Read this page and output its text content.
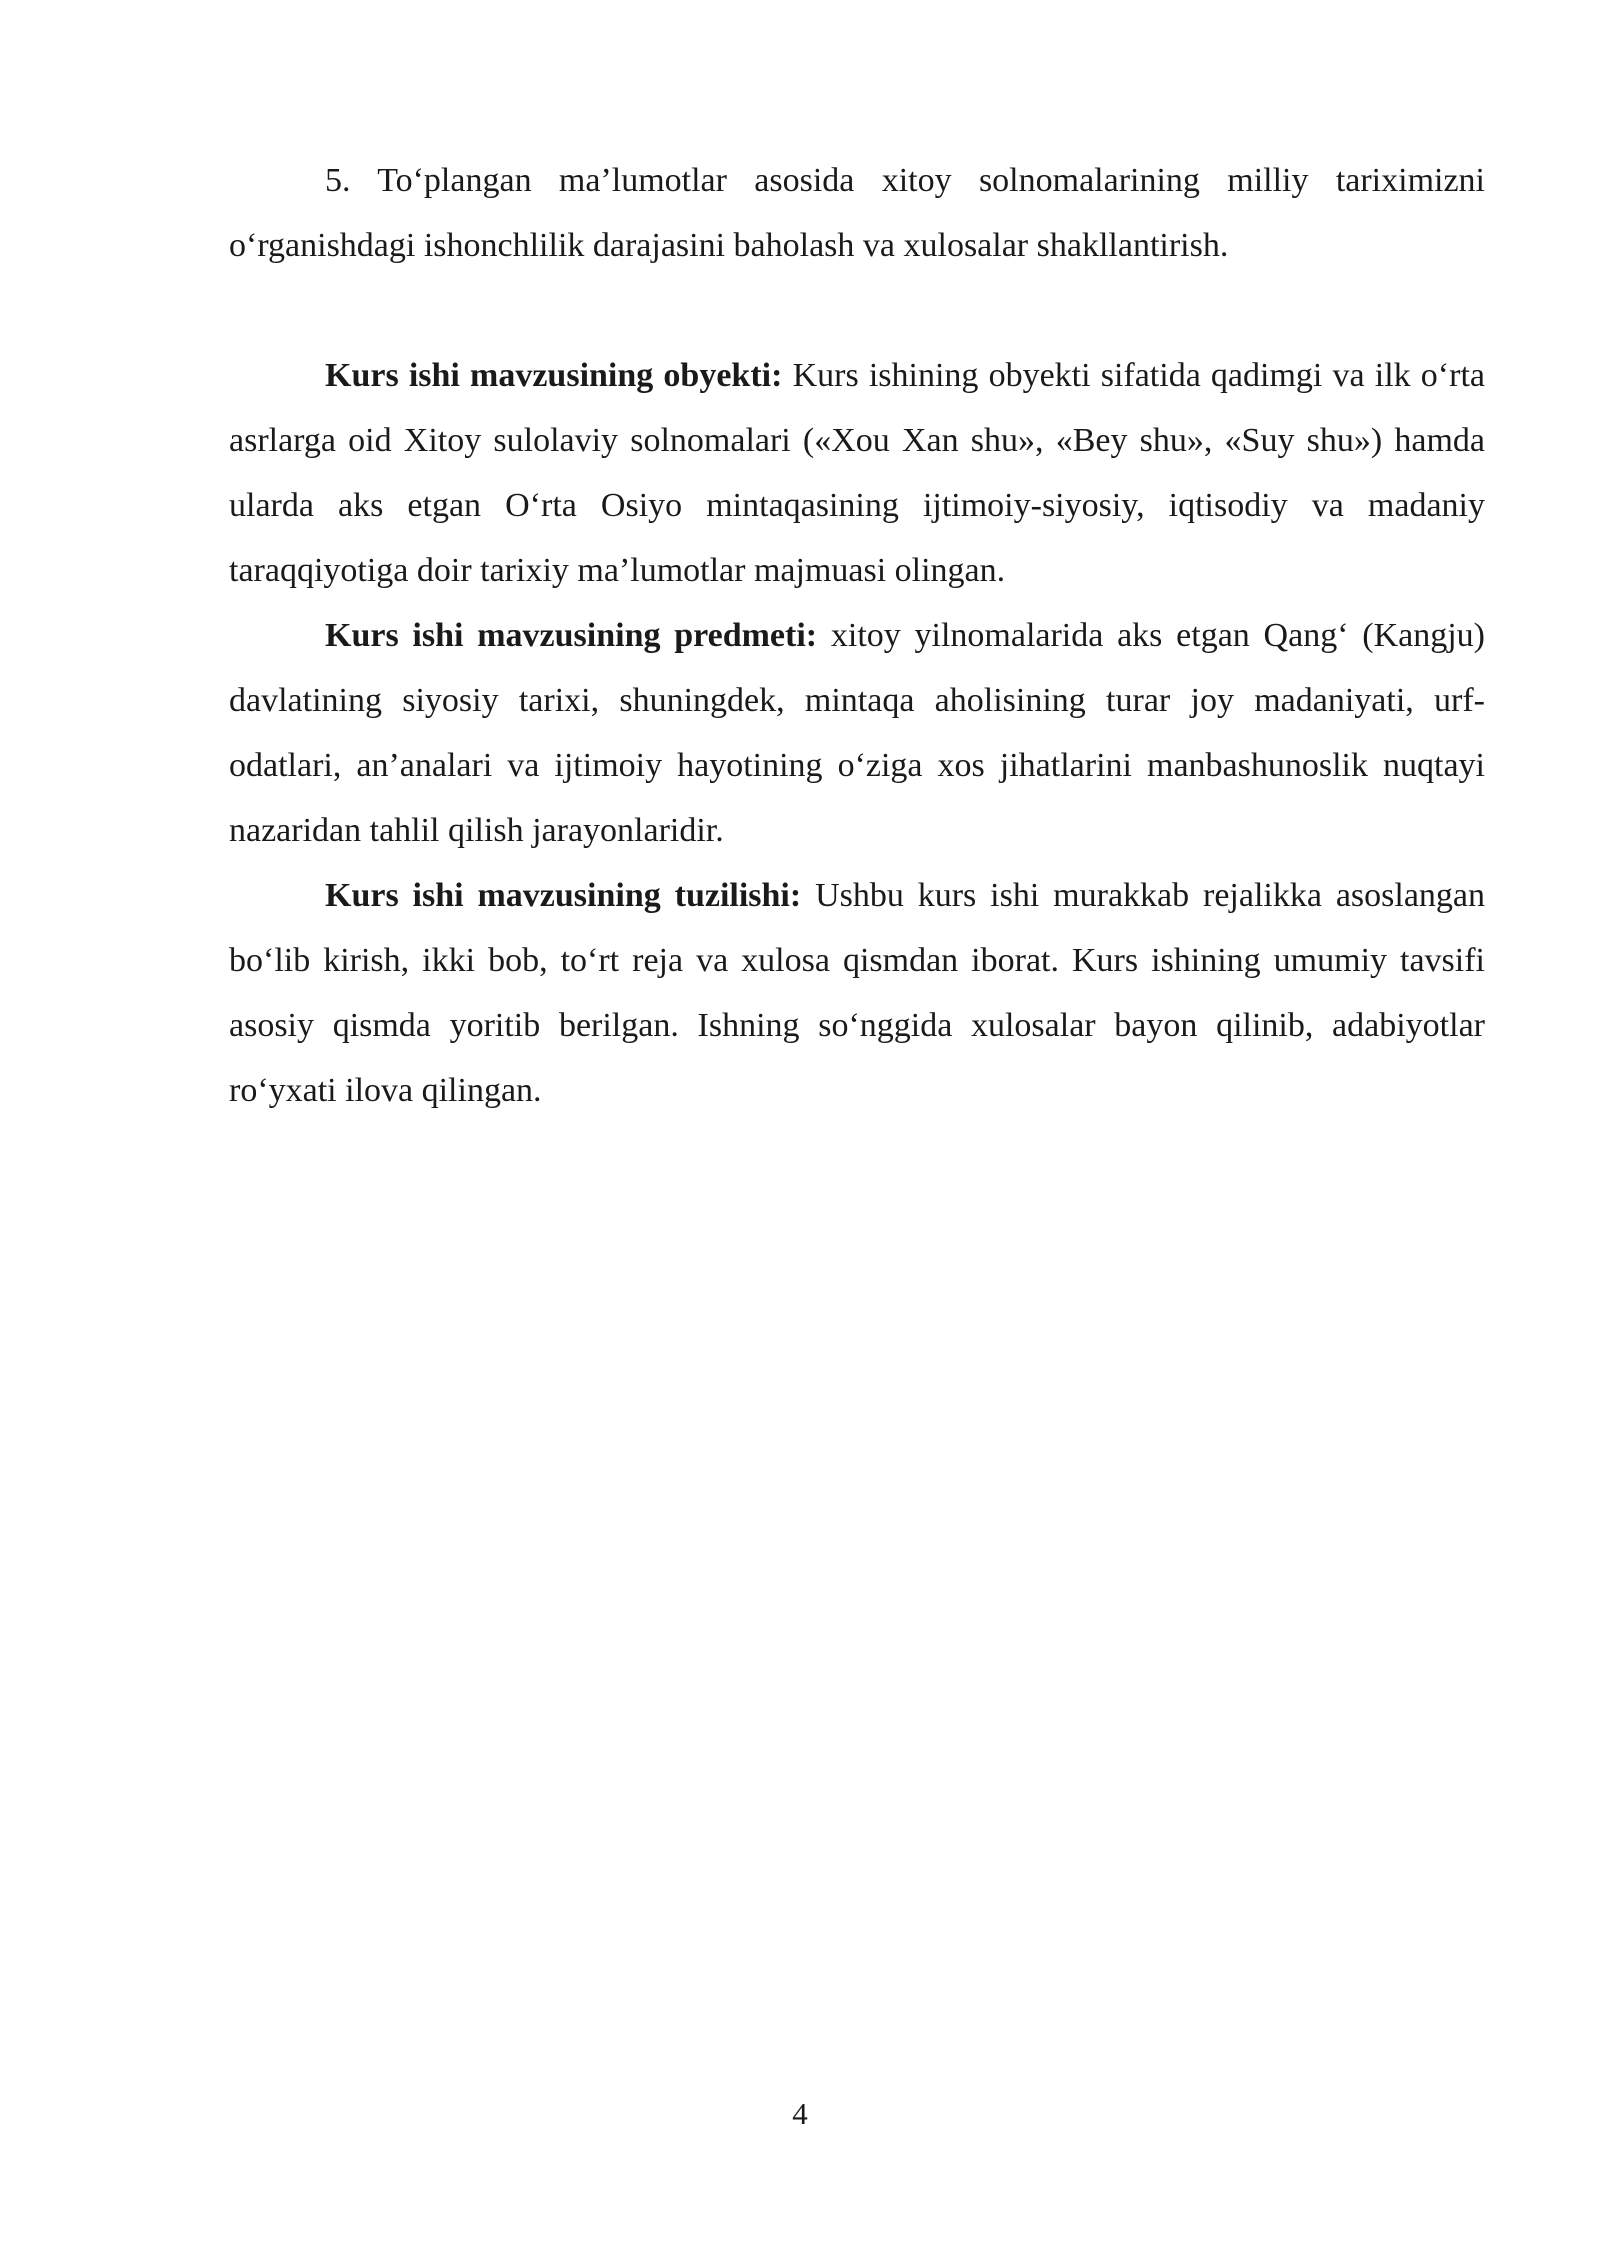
5. To‘plangan ma’lumotlar asosida xitoy solnomalarining milliy tariximizni o‘rganishdagi ishonchlilik darajasini baholash va xulosalar shakllantirish.

Kurs ishi mavzusining obyekti: Kurs ishining obyekti sifatida qadimgi va ilk o‘rta asrlarga oid Xitoy sulolaviy solnomalari («Xou Xan shu», «Bey shu», «Suy shu») hamda ularda aks etgan O‘rta Osiyo mintaqasining ijtimoiy-siyosiy, iqtisodiy va madaniy taraqqiyotiga doir tarixiy ma’lumotlar majmuasi olingan.

Kurs ishi mavzusining predmeti: xitoy yilnomalarida aks etgan Qang‘ (Kangju) davlatining siyosiy tarixi, shuningdek, mintaqa aholisining turar joy madaniyati, urf-odatlari, an’analari va ijtimoiy hayotining o‘ziga xos jihatlarini manbashunoslik nuqtayi nazaridan tahlil qilish jarayonlaridir.

Kurs ishi mavzusining tuzilishi: Ushbu kurs ishi murakkab rejalikka asoslangan bo‘lib kirish, ikki bob, to‘rt reja va xulosa qismdan iborat. Kurs ishining umumiy tavsifi asosiy qismda yoritib berilgan. Ishning so‘nggida xulosalar bayon qilinib, adabiyotlar ro‘yxati ilova qilingan.

4
